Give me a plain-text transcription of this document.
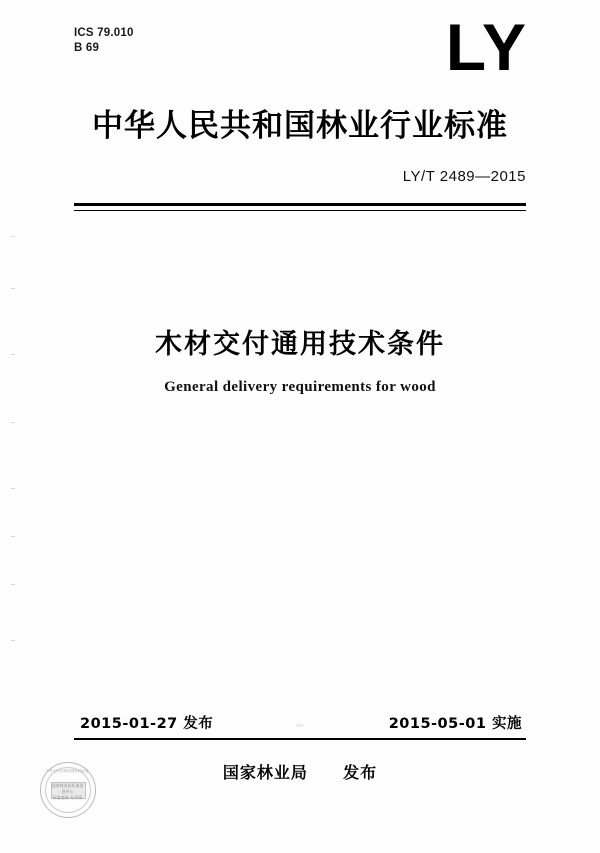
ICS 79.010
B 69	LY
中华人民共和国林业行业标准
LY/T 2489—2015
木材交付通用技术条件
General delivery requirements for wood
2015-01-27 发布	2015-05-01 实施
国家林业局 发布
中华人民共和国国家林业局
国家林业局标准信息中心
标准查询 专用章
